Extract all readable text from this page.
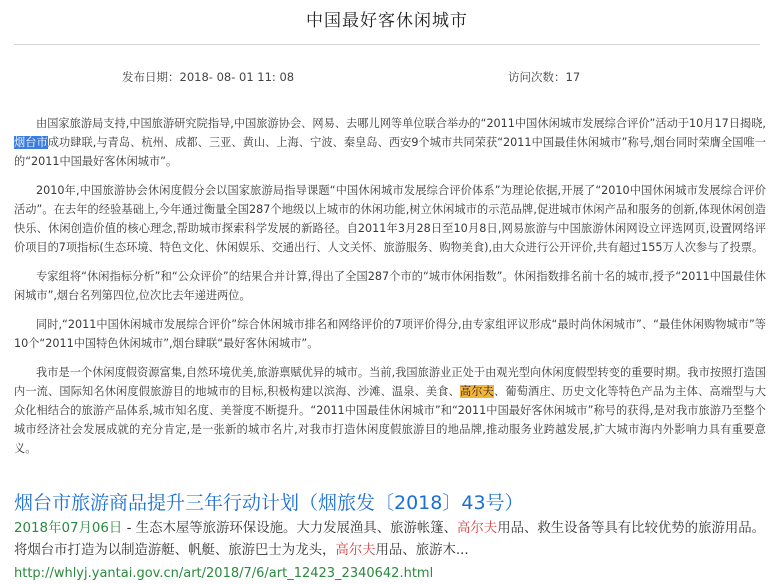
中国最好客休闲城市
发布日期：2018- 08- 01 11: 08	访问次数：17

由国家旅游局支持,中国旅游研究院指导,中国旅游协会、网易、去哪儿网等单位联合举办的“2011中国休闲城市发展综合评价”活动于10月17日揭晓,烟台市成功肆联,与青岛、杭州、成都、三亚、黄山、上海、宁波、秦皇岛、西安9个城市共同荣获“2011中国最佳休闲城市”称号,烟台同时荣膺全国唯一的“2011中国最好客休闲城市”。

2010年,中国旅游协会休闲度假分会以国家旅游局指导课题“中国休闲城市发展综合评价体系”为理论依据,开展了“2010中国休闲城市发展综合评价活动”。在去年的经验基础上,今年通过衡量全国287个地级以上城市的休闲功能,树立休闲城市的示范品牌,促进城市休闲产品和服务的创新,体现休闲创造快乐、休闲创造价值的核心理念,帮助城市探索科学发展的新路径。自2011年3月28日至10月8日,网易旅游与中国旅游休闲网设立评选网页,设置网络评价项目的7项指标(生态环境、特色文化、休闲娱乐、交通出行、人文关怀、旅游服务、购物美食),由大众进行公开评价,共有超过155万人次参与了投票。

专家组将“休闲指标分析”和“公众评价”的结果合并计算,得出了全国287个市的“城市休闲指数”。休闲指数排名前十名的城市,授予“2011中国最佳休闲城市”,烟台名列第四位,位次比去年递进两位。

同时,“2011中国休闲城市发展综合评价”综合休闲城市排名和网络评价的7项评价得分,由专家组评议形成“最时尚休闲城市”、“最佳休闲购物城市”等10个“2011中国特色休闲城市”,烟台肆联“最好客休闲城市”。

我市是一个休闲度假资源富集,自然环境优美,旅游禀赋优异的城市。当前,我国旅游业正处于由观光型向休闲度假型转变的重要时期。我市按照打造国内一流、国际知名休闲度假旅游目的地城市的目标,积极构建以滨海、沙滩、温泉、美食、高尔夫、葡萄酒庄、历史文化等特色产品为主体、高端型与大众化相结合的旅游产品体系,城市知名度、美誉度不断提升。“2011中国最佳休闲城市”和“2011中国最好客休闲城市”称号的获得,是对我市旅游乃至整个城市经济社会发展成就的充分肯定,是一张新的城市名片,对我市打造休闲度假旅游目的地品牌,推动服务业跨越发展,扩大城市海内外影响力具有重要意义。

烟台市旅游商品提升三年行动计划（烟旅发〔2018〕43号）
2018年07月06日 - 生态木屋等旅游环保设施。大力发展渔具、旅游帐篷、高尔夫用品、救生设备等具有比较优势的旅游用品。将烟台市打造为以制造游艇、帆艇、旅游巴士为龙头，高尔夫用品、旅游木...
http://whlyj.yantai.gov.cn/art/2018/7/6/art_12423_2340642.html
